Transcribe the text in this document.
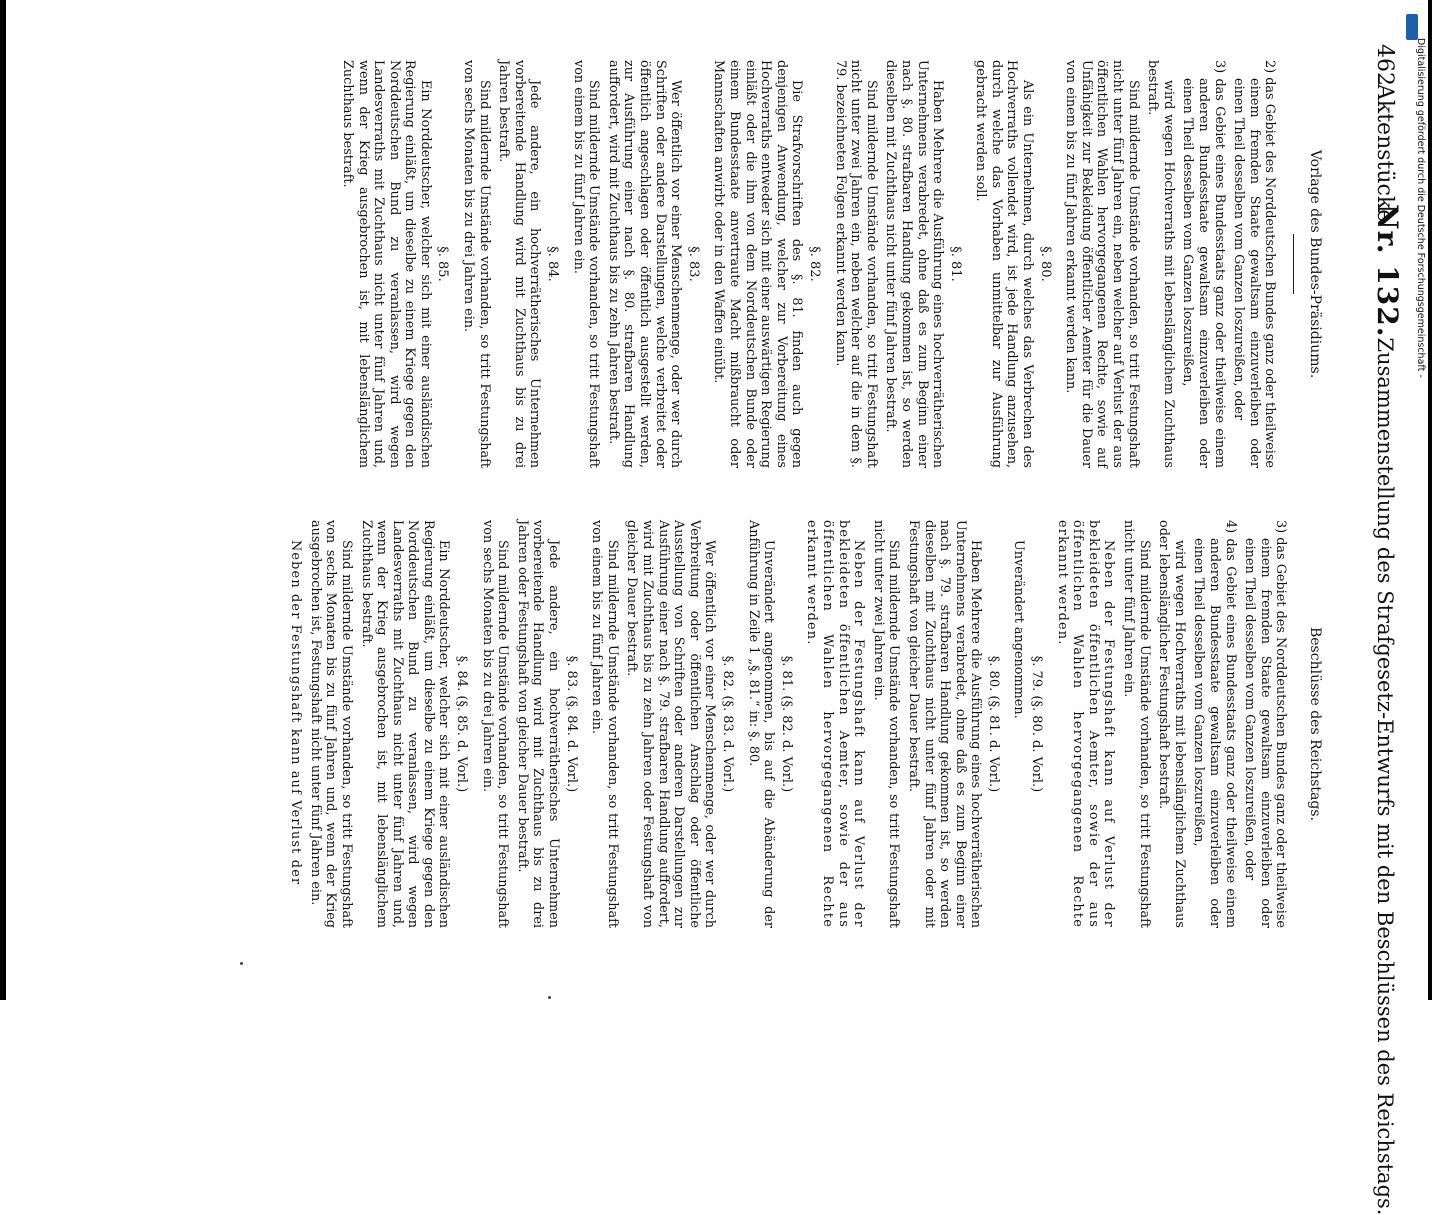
Digitalisierung gefördert durch die Deutsche Forschungsgemeinschaft -
462
Aktenstücke
Nr. 132.
Zusammenstellung des Strafgesetz-Entwurfs mit den Beschlüssen des Reichstags.
Vorlage des Bundes-Präsidiums.

2) das Gebiet des Norddeutschen Bundes ganz oder theilweise einem fremden Staate gewaltsam einzuverleiben oder einen Theil desselben vom Ganzen loszureißen, oder

3) das Gebiet eines Bundesstaats ganz oder theilweise einem anderen Bundesstaate gewaltsam einzuverleiben oder einen Theil desselben vom Ganzen loszureißen,

wird wegen Hochverraths mit lebenslänglichem Zuchthaus bestraft.

Sind mildernde Umstände vorhanden, so tritt Festungshaft nicht unter fünf Jahren ein, neben welcher auf Verlust der aus öffentlichen Wahlen hervorgegangenen Rechte, sowie auf Unfähigkeit zur Bekleidung öffentlicher Aemter für die Dauer von einem bis zu fünf Jahren erkannt werden kann.

§. 80.

Als ein Unternehmen, durch welches das Verbrechen des Hochverraths vollendet wird, ist jede Handlung anzusehen, durch welche das Vorhaben unmittelbar zur Ausführung gebracht werden soll.

§. 81.

Haben Mehrere die Ausführung eines hochverrätherischen Unternehmens verabredet, ohne daß es zum Beginn einer nach §. 80. strafbaren Handlung gekommen ist, so werden dieselben mit Zuchthaus nicht unter fünf Jahren bestraft.

Sind mildernde Umstände vorhanden, so tritt Festungshaft nicht unter zwei Jahren ein, neben welcher auf die in dem §. 79. bezeichneten Folgen erkannt werden kann.

§. 82.

Die Strafvorschriften des §. 81. finden auch gegen denjenigen Anwendung, welcher zur Vorbereitung eines Hochverraths entweder sich mit einer auswärtigen Regierung einläßt oder die ihm von dem Norddeutschen Bunde oder einem Bundesstaate anvertraute Macht mißbraucht oder Mannschaften anwirbt oder in den Waffen einübt.

§. 83.

Wer öffentlich vor einer Menschenmenge, oder wer durch Schriften oder andere Darstellungen, welche verbreitet oder öffentlich angeschlagen oder öffentlich ausgestellt werden, zur Ausführung einer nach §. 80. strafbaren Handlung auffordert, wird mit Zuchthaus bis zu zehn Jahren bestraft.

Sind mildernde Umstände vorhanden, so tritt Festungshaft von einem bis zu fünf Jahren ein.

§. 84.

Jede andere, ein hochverrätherisches Unternehmen vorbereitende Handlung wird mit Zuchthaus bis zu drei Jahren bestraft.

Sind mildernde Umstände vorhanden, so tritt Festungshaft von sechs Monaten bis zu drei Jahren ein.

§. 85.

Ein Norddeutscher, welcher sich mit einer ausländischen Regierung einläßt, um dieselbe zu einem Kriege gegen den Norddeutschen Bund zu veranlassen, wird wegen Landesverraths mit Zuchthaus nicht unter fünf Jahren und, wenn der Krieg ausgebrochen ist, mit lebenslänglichem Zuchthaus bestraft.

Beschlüsse des Reichstags.

3) das Gebiet des Norddeutschen Bundes ganz oder theilweise einem fremden Staate gewaltsam einzuverleiben oder einen Theil desselben vom Ganzen loszureißen, oder

4) das Gebiet eines Bundesstaats ganz oder theilweise einem anderen Bundesstaate gewaltsam einzuverleiben oder einen Theil desselben vom Ganzen loszureißen,

wird wegen Hochverraths mit lebenslänglichem Zuchthaus oder lebenslänglicher Festungshaft bestraft.

Sind mildernde Umstände vorhanden, so tritt Festungshaft nicht unter fünf Jahren ein.

Neben der Festungshaft kann auf Verlust der bekleideten öffentlichen Aemter, sowie der aus öffentlichen Wahlen hervorgegangenen Rechte erkannt werden.

§. 79. (§. 80. d. Vorl.)

Unverändert angenommen.

§. 80. (§. 81. d. Vorl.)

Haben Mehrere die Ausführung eines hochverrätherischen Unternehmens verabredet, ohne daß es zum Beginn einer nach §. 79. strafbaren Handlung gekommen ist, so werden dieselben mit Zuchthaus nicht unter fünf Jahren oder mit Festungshaft von gleicher Dauer bestraft.

Sind mildernde Umstände vorhanden, so tritt Festungshaft nicht unter zwei Jahren ein.

Neben der Festungshaft kann auf Verlust der bekleideten öffentlichen Aemter, sowie der aus öffentlichen Wahlen hervorgegangenen Rechte erkannt werden.

§. 81. (§. 82. d. Vorl.)

Unverändert angenommen, bis auf die Abänderung der Anführung in Zeile 1 „§. 81.“ in: §. 80.

§. 82. (§. 83. d. Vorl.)

Wer öffentlich vor einer Menschenmenge, oder wer durch Verbreitung oder öffentlichen Anschlag oder öffentliche Ausstellung von Schriften oder anderen Darstellungen zur Ausführung einer nach §. 79. strafbaren Handlung auffordert, wird mit Zuchthaus bis zu zehn Jahren oder Festungshaft von gleicher Dauer bestraft.

Sind mildernde Umstände vorhanden, so tritt Festungshaft von einem bis zu fünf Jahren ein.

§. 83. (§. 84. d. Vorl.)

Jede andere, ein hochverrätherisches Unternehmen vorbereitende Handlung wird mit Zuchthaus bis zu drei Jahren oder Festungshaft von gleicher Dauer bestraft.

Sind mildernde Umstände vorhanden, so tritt Festungshaft von sechs Monaten bis zu drei Jahren ein.

§. 84. (§. 85. d. Vorl.)

Ein Norddeutscher, welcher sich mit einer ausländischen Regierung einläßt, um dieselbe zu einem Kriege gegen den Norddeutschen Bund zu veranlassen, wird wegen Landesverraths mit Zuchthaus nicht unter fünf Jahren und, wenn der Krieg ausgebrochen ist, mit lebenslänglichem Zuchthaus bestraft.

Sind mildernde Umstände vorhanden, so tritt Festungshaft von sechs Monaten bis zu fünf Jahren und, wenn der Krieg ausgebrochen ist, Festungshaft nicht unter fünf Jahren ein.

Neben der Festungshaft kann auf Verlust der
